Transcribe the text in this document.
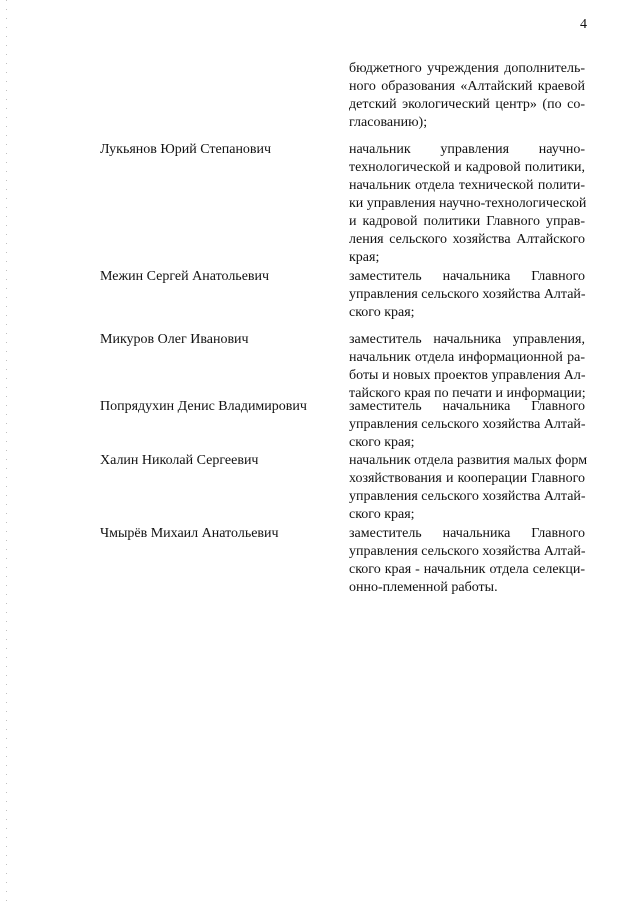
4
бюджетного учреждения дополнитель-
ного образования «Алтайский краевой
детский экологический центр» (по со-
гласованию);
Лукьянов Юрий Степанович	начальник управления научно-
технологической и кадровой политики,
начальник отдела технической полити-
ки управления научно-технологической
и кадровой политики Главного управ-
ления сельского хозяйства Алтайского
края;
Межин Сергей Анатольевич	заместитель начальника Главного
управления сельского хозяйства Алтай-
ского края;
Микуров Олег Иванович	заместитель начальника управления,
начальник отдела информационной ра-
боты и новых проектов управления Ал-
тайского края по печати и информации;
Попрядухин Денис Владимирович	заместитель начальника Главного
управления сельского хозяйства Алтай-
ского края;
Халин Николай Сергеевич	начальник отдела развития малых форм
хозяйствования и кооперации Главного
управления сельского хозяйства Алтай-
ского края;
Чмырёв Михаил Анатольевич	заместитель начальника Главного
управления сельского хозяйства Алтай-
ского края - начальник отдела селекци-
онно-племенной работы.
